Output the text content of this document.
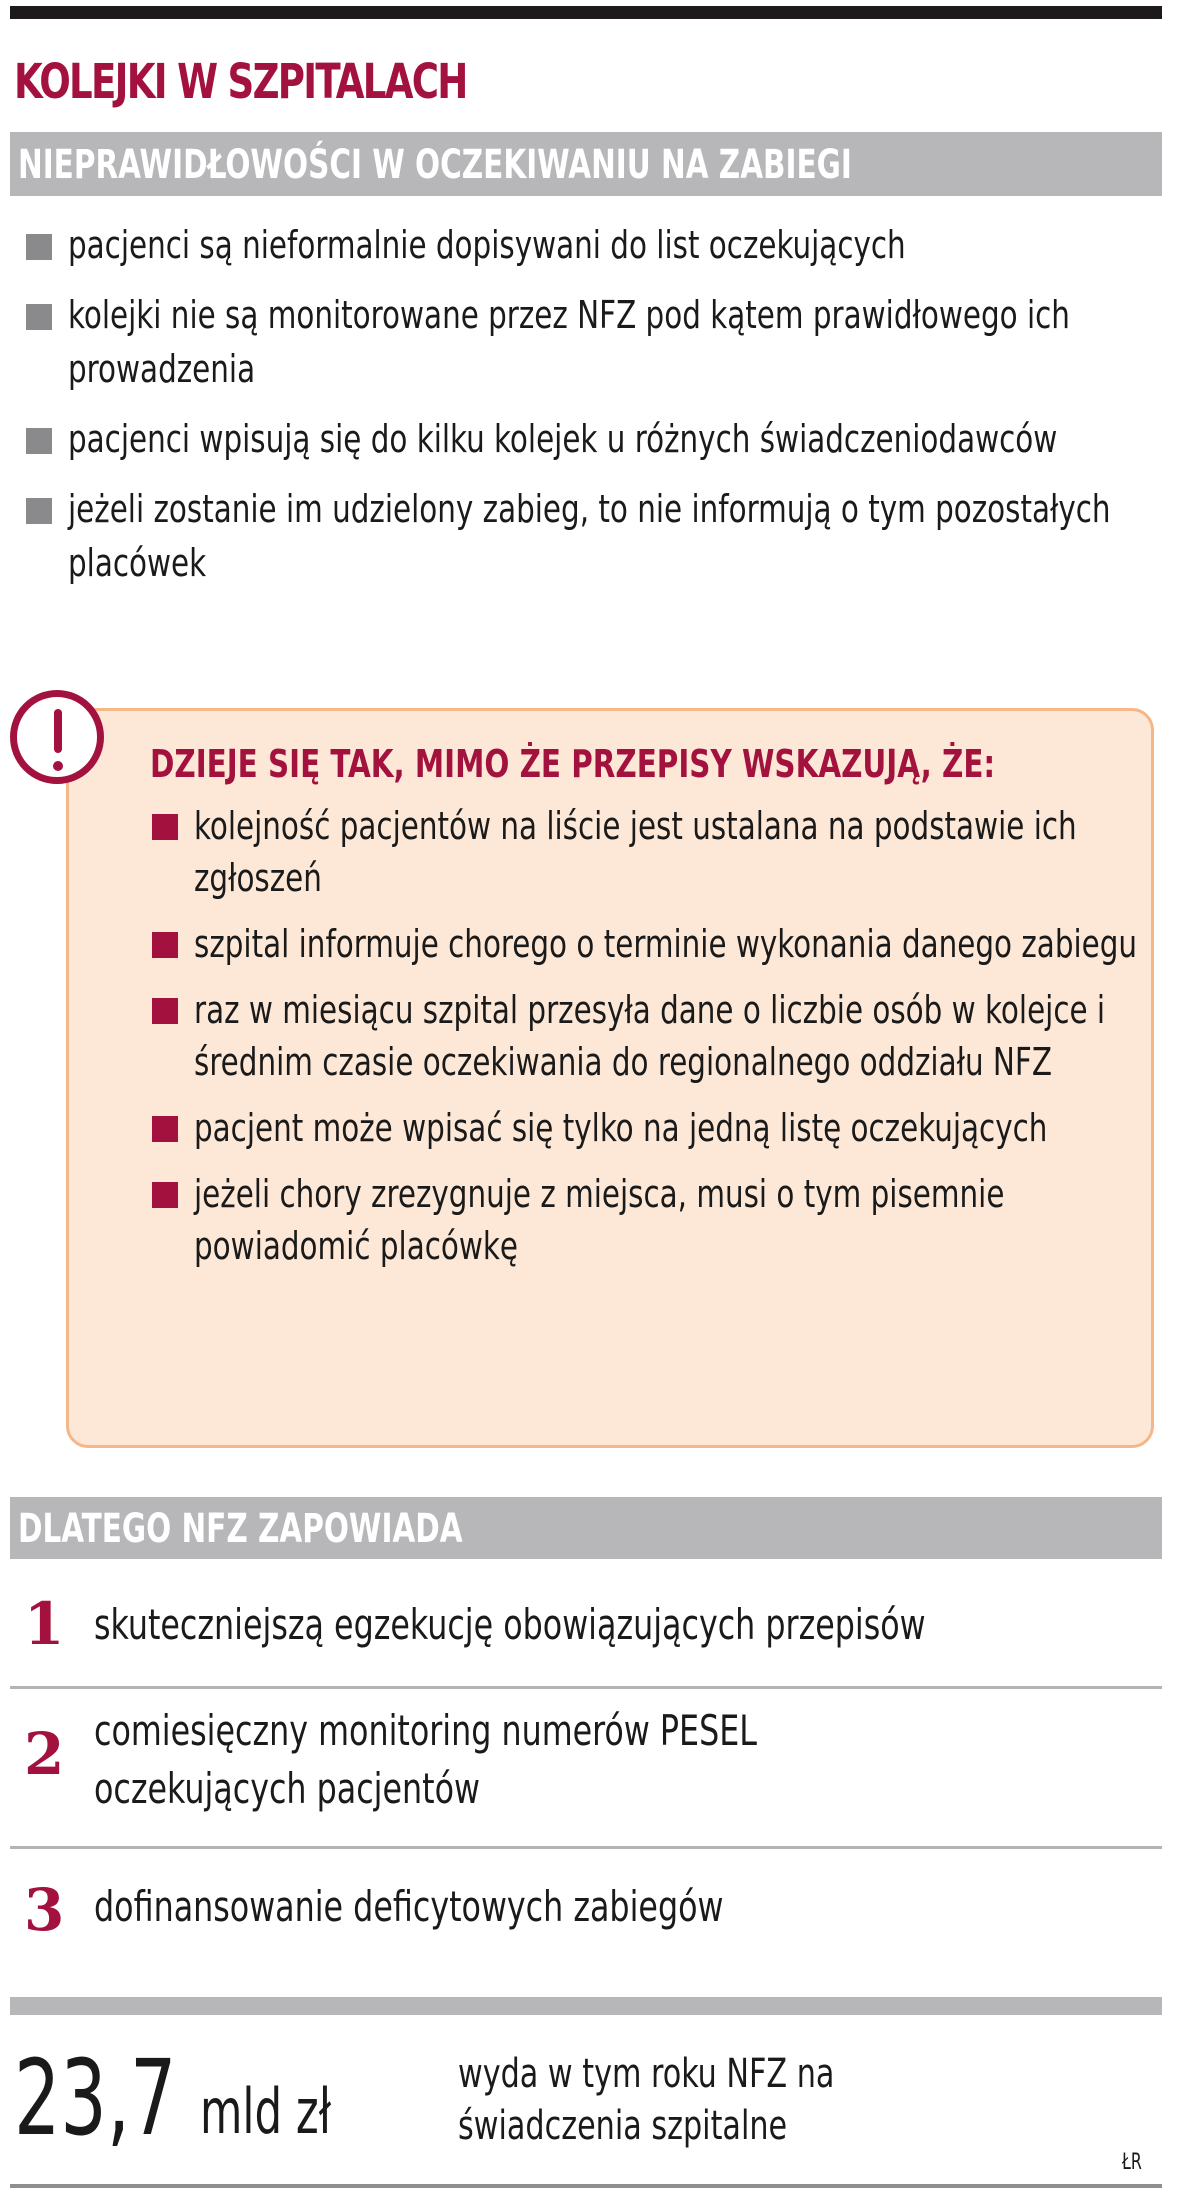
KOLEJKI W SZPITALACH
NIEPRAWIDŁOWOŚCI W OCZEKIWANIU NA ZABIEGI
pacjenci są nieformalnie dopisywani do list oczekujących
kolejki nie są monitorowane przez NFZ pod kątem prawidłowego ich prowadzenia
pacjenci wpisują się do kilku kolejek u różnych świadczeniodawców
jeżeli zostanie im udzielony zabieg, to nie informują o tym pozostałych placówek
DZIEJE SIĘ TAK, MIMO ŻE PRZEPISY WSKAZUJĄ, ŻE:
kolejność pacjentów na liście jest ustalana na podstawie ich zgłoszeń
szpital informuje chorego o terminie wykonania danego zabiegu
raz w miesiącu szpital przesyła dane o liczbie osób w kolejce i średnim czasie oczekiwania do regionalnego oddziału NFZ
pacjent może wpisać się tylko na jedną listę oczekujących
jeżeli chory zrezygnuje z miejsca, musi o tym pisemnie powiadomić placówkę
DLATEGO NFZ ZAPOWIADA
1 skuteczniejszą egzekucję obowiązujących przepisów
2 comiesięczny monitoring numerów PESEL
oczekujących pacjentów
3 dofinansowanie deficytowych zabiegów
23,7 mld zł
wyda w tym roku NFZ na świadczenia szpitalne
ŁR
